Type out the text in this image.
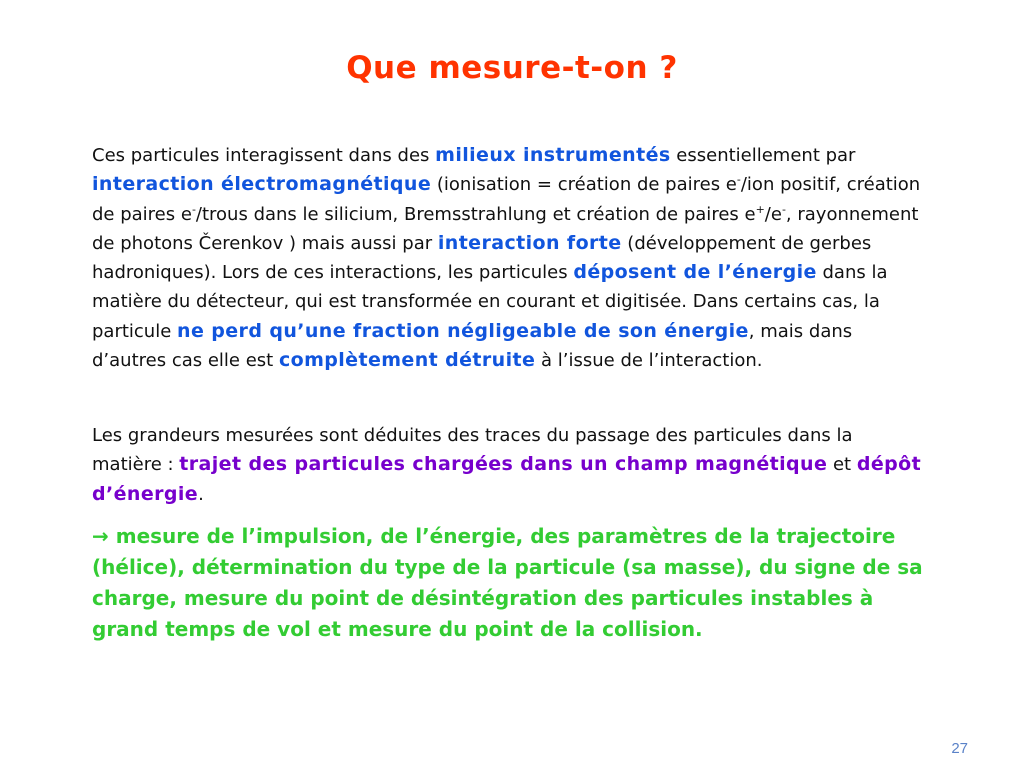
Que mesure-t-on ?
Ces particules interagissent dans des milieux instrumentés essentiellement par interaction électromagnétique (ionisation = création de paires e-/ion positif, création de paires e-/trous dans le silicium, Bremsstrahlung et création de paires e+/e-, rayonnement de photons Čerenkov ) mais aussi par interaction forte (développement de gerbes hadroniques). Lors de ces interactions, les particules déposent de l’énergie dans la matière du détecteur, qui est transformée en courant et digitisée. Dans certains cas, la particule ne perd qu’une fraction négligeable de son énergie, mais dans d’autres cas elle est complètement détruite à l’issue de l’interaction.
Les grandeurs mesurées sont déduites des traces du passage des particules dans la matière : trajet des particules chargées dans un champ magnétique et dépôt d’énergie.
→ mesure de l’impulsion, de l’énergie, des paramètres de la trajectoire (hélice), détermination du type de la particule (sa masse), du signe de sa charge, mesure du point de désintégration des particules instables à grand temps de vol et mesure du point de la collision.
27
